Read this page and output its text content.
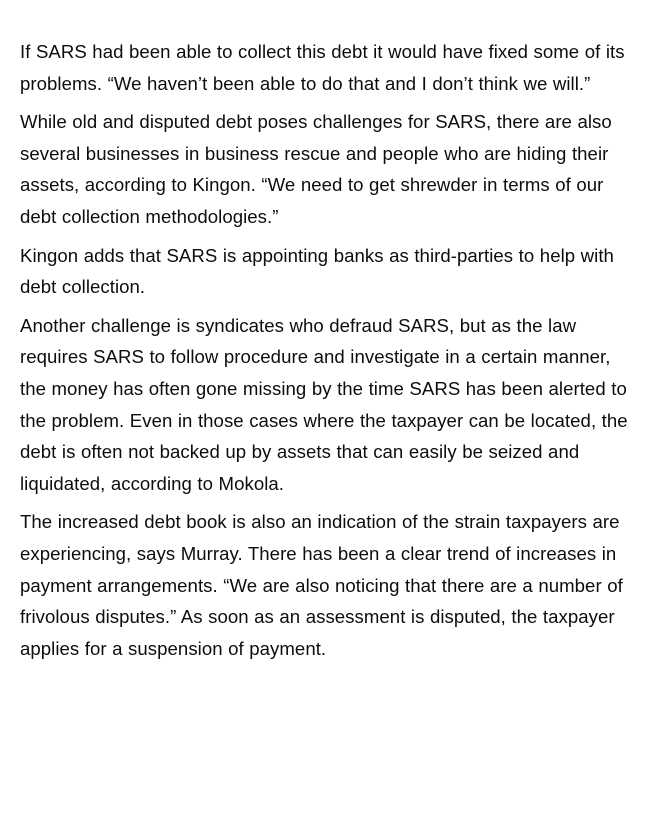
If SARS had been able to collect this debt it would have fixed some of its problems. “We haven’t been able to do that and I don’t think we will.”

While old and disputed debt poses challenges for SARS, there are also several businesses in business rescue and people who are hiding their assets, according to Kingon. “We need to get shrewder in terms of our debt collection methodologies.”

Kingon adds that SARS is appointing banks as third-parties to help with debt collection.

Another challenge is syndicates who defraud SARS, but as the law requires SARS to follow procedure and investigate in a certain manner, the money has often gone missing by the time SARS has been alerted to the problem. Even in those cases where the taxpayer can be located, the debt is often not backed up by assets that can easily be seized and liquidated, according to Mokola.

The increased debt book is also an indication of the strain taxpayers are experiencing, says Murray. There has been a clear trend of increases in payment arrangements. “We are also noticing that there are a number of frivolous disputes.” As soon as an assessment is disputed, the taxpayer applies for a suspension of payment.
